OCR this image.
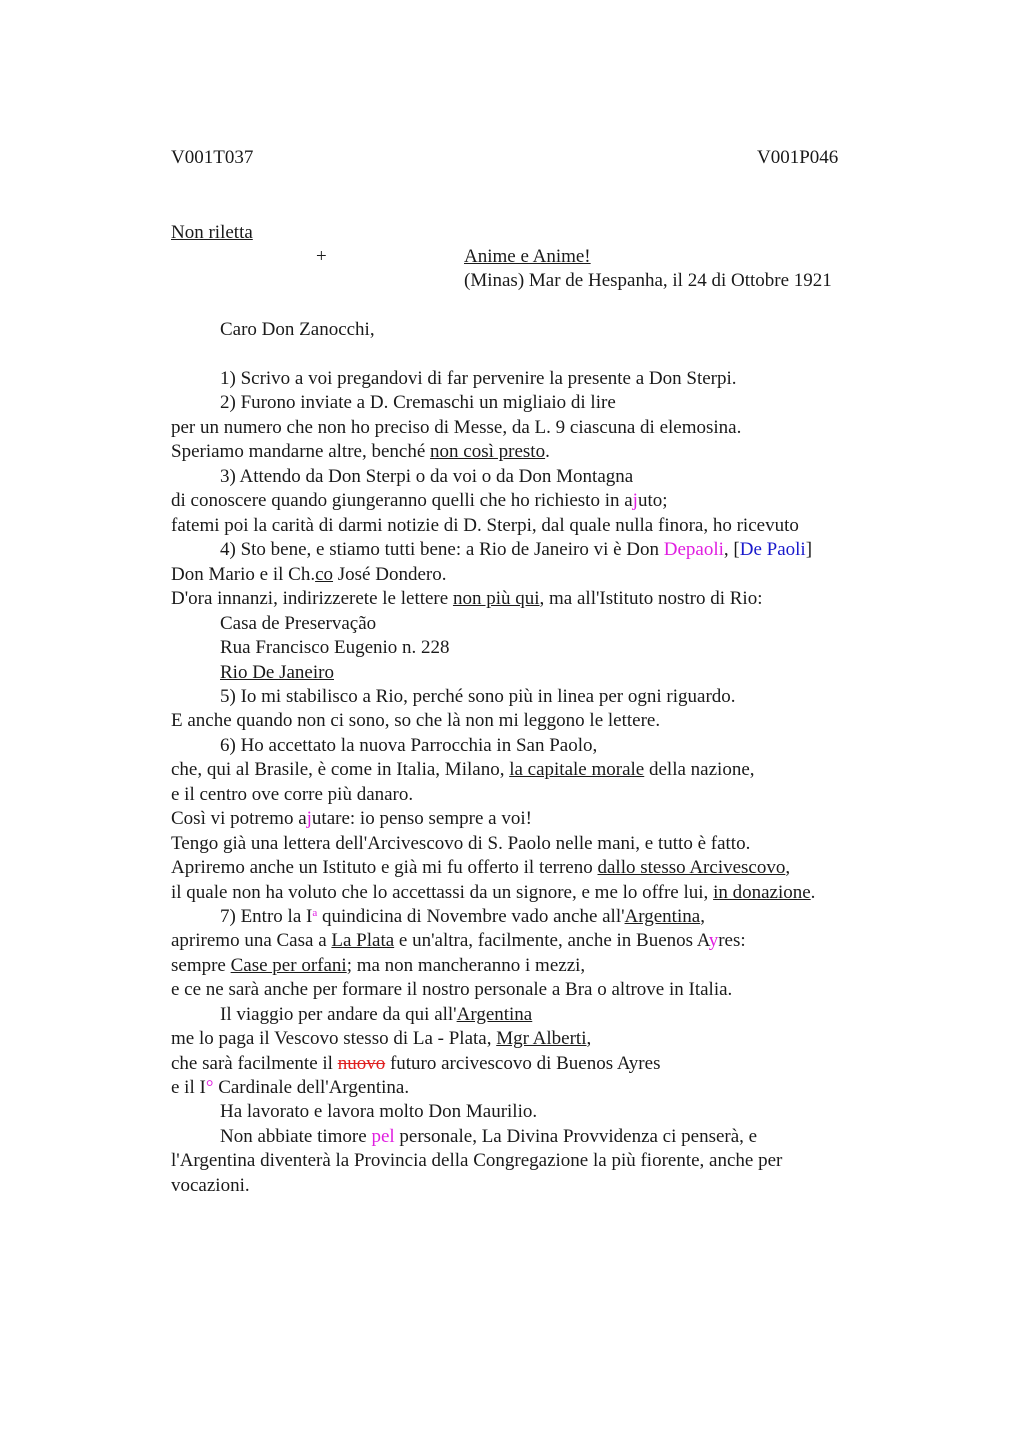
V001T037	V001P046
Non riletta
+	Anime e Anime!
(Minas) Mar de Hespanha, il 24 di Ottobre 1921
Caro Don Zanocchi,
1) Scrivo a voi pregandovi di far pervenire la presente a Don Sterpi.
2) Furono inviate a D. Cremaschi un migliaio di lire
per un numero che non ho preciso di Messe, da L. 9 ciascuna di elemosina.
Speriamo mandarne altre, benché non così presto.
3) Attendo da Don Sterpi o da voi o da Don Montagna
di conoscere quando giungeranno quelli che ho richiesto in ajuto;
fatemi poi la carità di darmi notizie di D. Sterpi, dal quale nulla finora, ho ricevuto
4) Sto bene, e stiamo tutti bene: a Rio de Janeiro vi è Don Depaoli, [De Paoli]
Don Mario e il Ch.co José Dondero.
D'ora innanzi, indirizzerete le lettere non più qui, ma all'Istituto nostro di Rio:
Casa de Preservação
Rua Francisco Eugenio n. 228
Rio De Janeiro
5) Io mi stabilisco a Rio, perché sono più in linea per ogni riguardo.
E anche quando non ci sono, so che là non mi leggono le lettere.
6) Ho accettato la nuova Parrocchia in San Paolo,
che, qui al Brasile, è come in Italia, Milano, la capitale morale della nazione,
e il centro ove corre più danaro.
Così vi potremo ajutare: io penso sempre a voi!
Tengo già una lettera dell'Arcivescovo di S. Paolo nelle mani, e tutto è fatto.
Apriremo anche un Istituto e già mi fu offerto il terreno dallo stesso Arcivescovo,
il quale non ha voluto che lo accettassi da un signore, e me lo offre lui, in donazione.
7) Entro la $I^a$ quindicina di Novembre vado anche all'Argentina,
apriremo una Casa a La Plata e un'altra, facilmente, anche in Buenos Ayres:
sempre Case per orfani; ma non mancheranno i mezzi,
e ce ne sarà anche per formare il nostro personale a Bra o altrove in Italia.
Il viaggio per andare da qui all'Argentina
me lo paga il Vescovo stesso di La - Plata, Mgr Alberti,
che sarà facilmente il nuovo futuro arcivescovo di Buenos Ayres
e il I° Cardinale dell'Argentina.
Ha lavorato e lavora molto Don Maurilio.
Non abbiate timore pel personale, La Divina Provvidenza ci penserà, e
l'Argentina diventerà la Provincia della Congregazione la più fiorente, anche per
vocazioni.
